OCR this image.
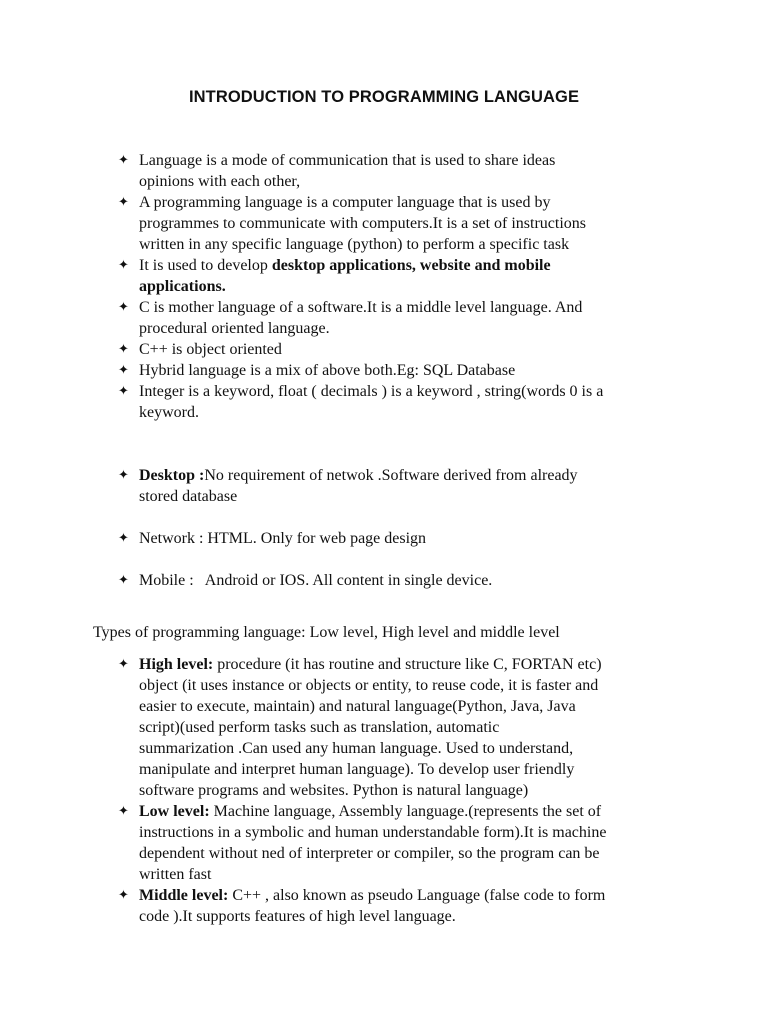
INTRODUCTION TO PROGRAMMING LANGUAGE
✦ Language is a mode of communication that is used to share ideas
opinions with each other,
✦ A programming language is a computer language that is used by
programmes to communicate with computers.It is a set of instructions
written in any specific language (python) to perform a specific task
✦ It is used to develop desktop applications, website and mobile
applications.
✦ C is mother language of a software.It is a middle level language. And
procedural oriented language.
✦ C++ is object oriented
✦ Hybrid language is a mix of above both.Eg: SQL Database
✦ Integer is a keyword, float ( decimals ) is a keyword , string(words 0 is a
keyword.
✦ Desktop :No requirement of netwok .Software derived from already
stored database
✦ Network : HTML. Only for web page design
✦ Mobile :   Android or IOS. All content in single device.
Types of programming language: Low level, High level and middle level
✦ High level: procedure (it has routine and structure like C, FORTAN etc)
object (it uses instance or objects or entity, to reuse code, it is faster and
easier to execute, maintain) and natural language(Python, Java, Java
script)(used perform tasks such as translation, automatic
summarization .Can used any human language. Used to understand,
manipulate and interpret human language). To develop user friendly
software programs and websites. Python is natural language)
✦ Low level: Machine language, Assembly language.(represents the set of
instructions in a symbolic and human understandable form).It is machine
dependent without ned of interpreter or compiler, so the program can be
written fast
✦ Middle level: C++ , also known as pseudo Language (false code to form
code ).It supports features of high level language.
